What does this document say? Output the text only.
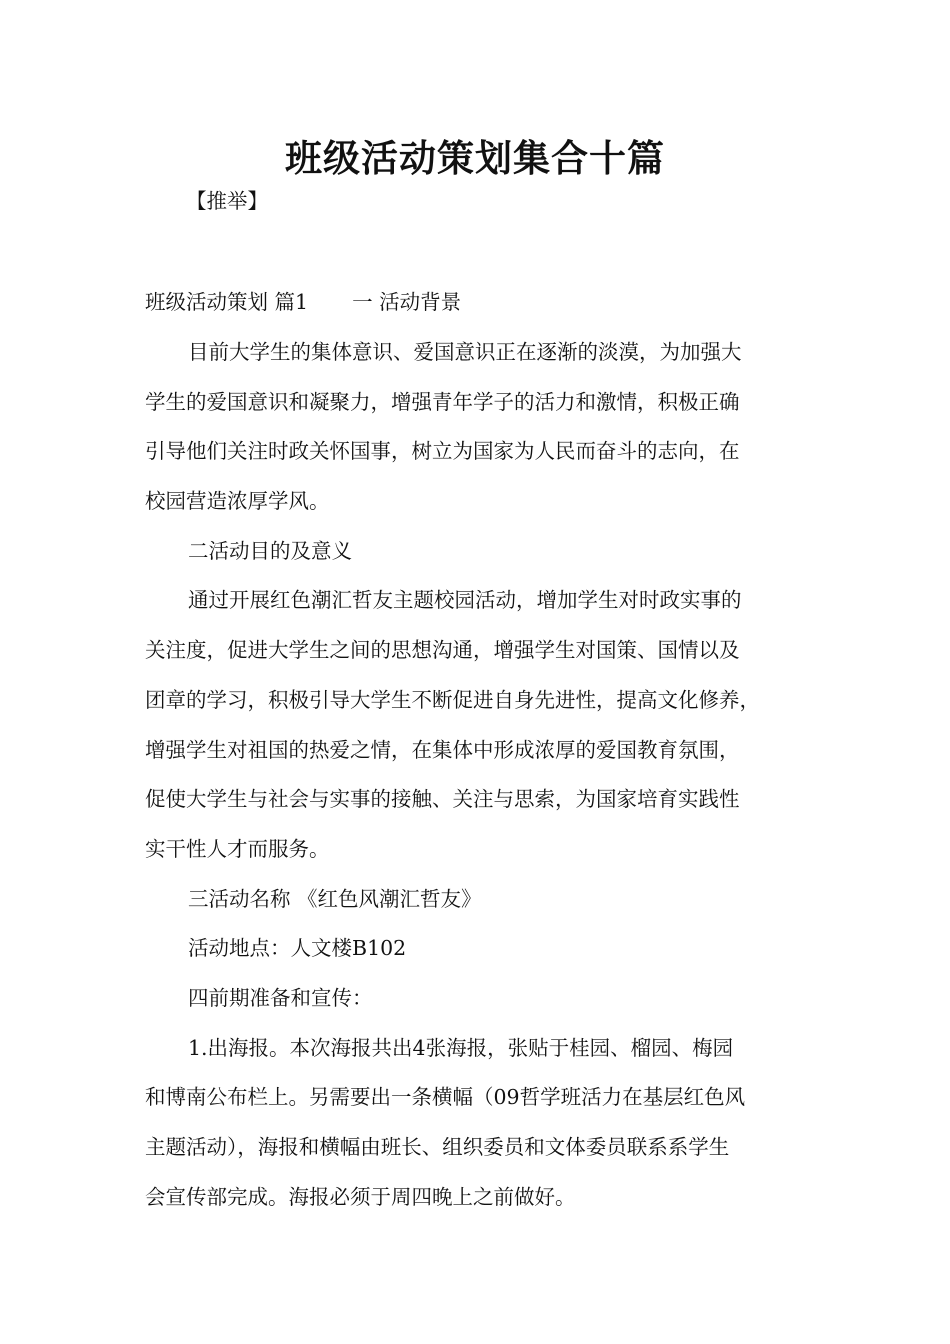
班级活动策划集合十篇
【推举】
班级活动策划 篇1 一 活动背景
目前大学生的集体意识、爱国意识正在逐渐的淡漠，为加强大
学生的爱国意识和凝聚力，增强青年学子的活力和激情，积极正确
引导他们关注时政关怀国事，树立为国家为人民而奋斗的志向，在
校园营造浓厚学风。
二活动目的及意义
通过开展红色潮汇哲友主题校园活动，增加学生对时政实事的
关注度，促进大学生之间的思想沟通，增强学生对国策、国情以及
团章的学习，积极引导大学生不断促进自身先进性，提高文化修养，
增强学生对祖国的热爱之情，在集体中形成浓厚的爱国教育氛围，
促使大学生与社会与实事的接触、关注与思索，为国家培育实践性
实干性人才而服务。
三活动名称 《红色风潮汇哲友》
活动地点：人文楼B102
四前期准备和宣传：
1.出海报。本次海报共出4张海报，张贴于桂园、榴园、梅园
和博南公布栏上。另需要出一条横幅（09哲学班活力在基层红色风
主题活动），海报和横幅由班长、组织委员和文体委员联系系学生
会宣传部完成。海报必须于周四晚上之前做好。
